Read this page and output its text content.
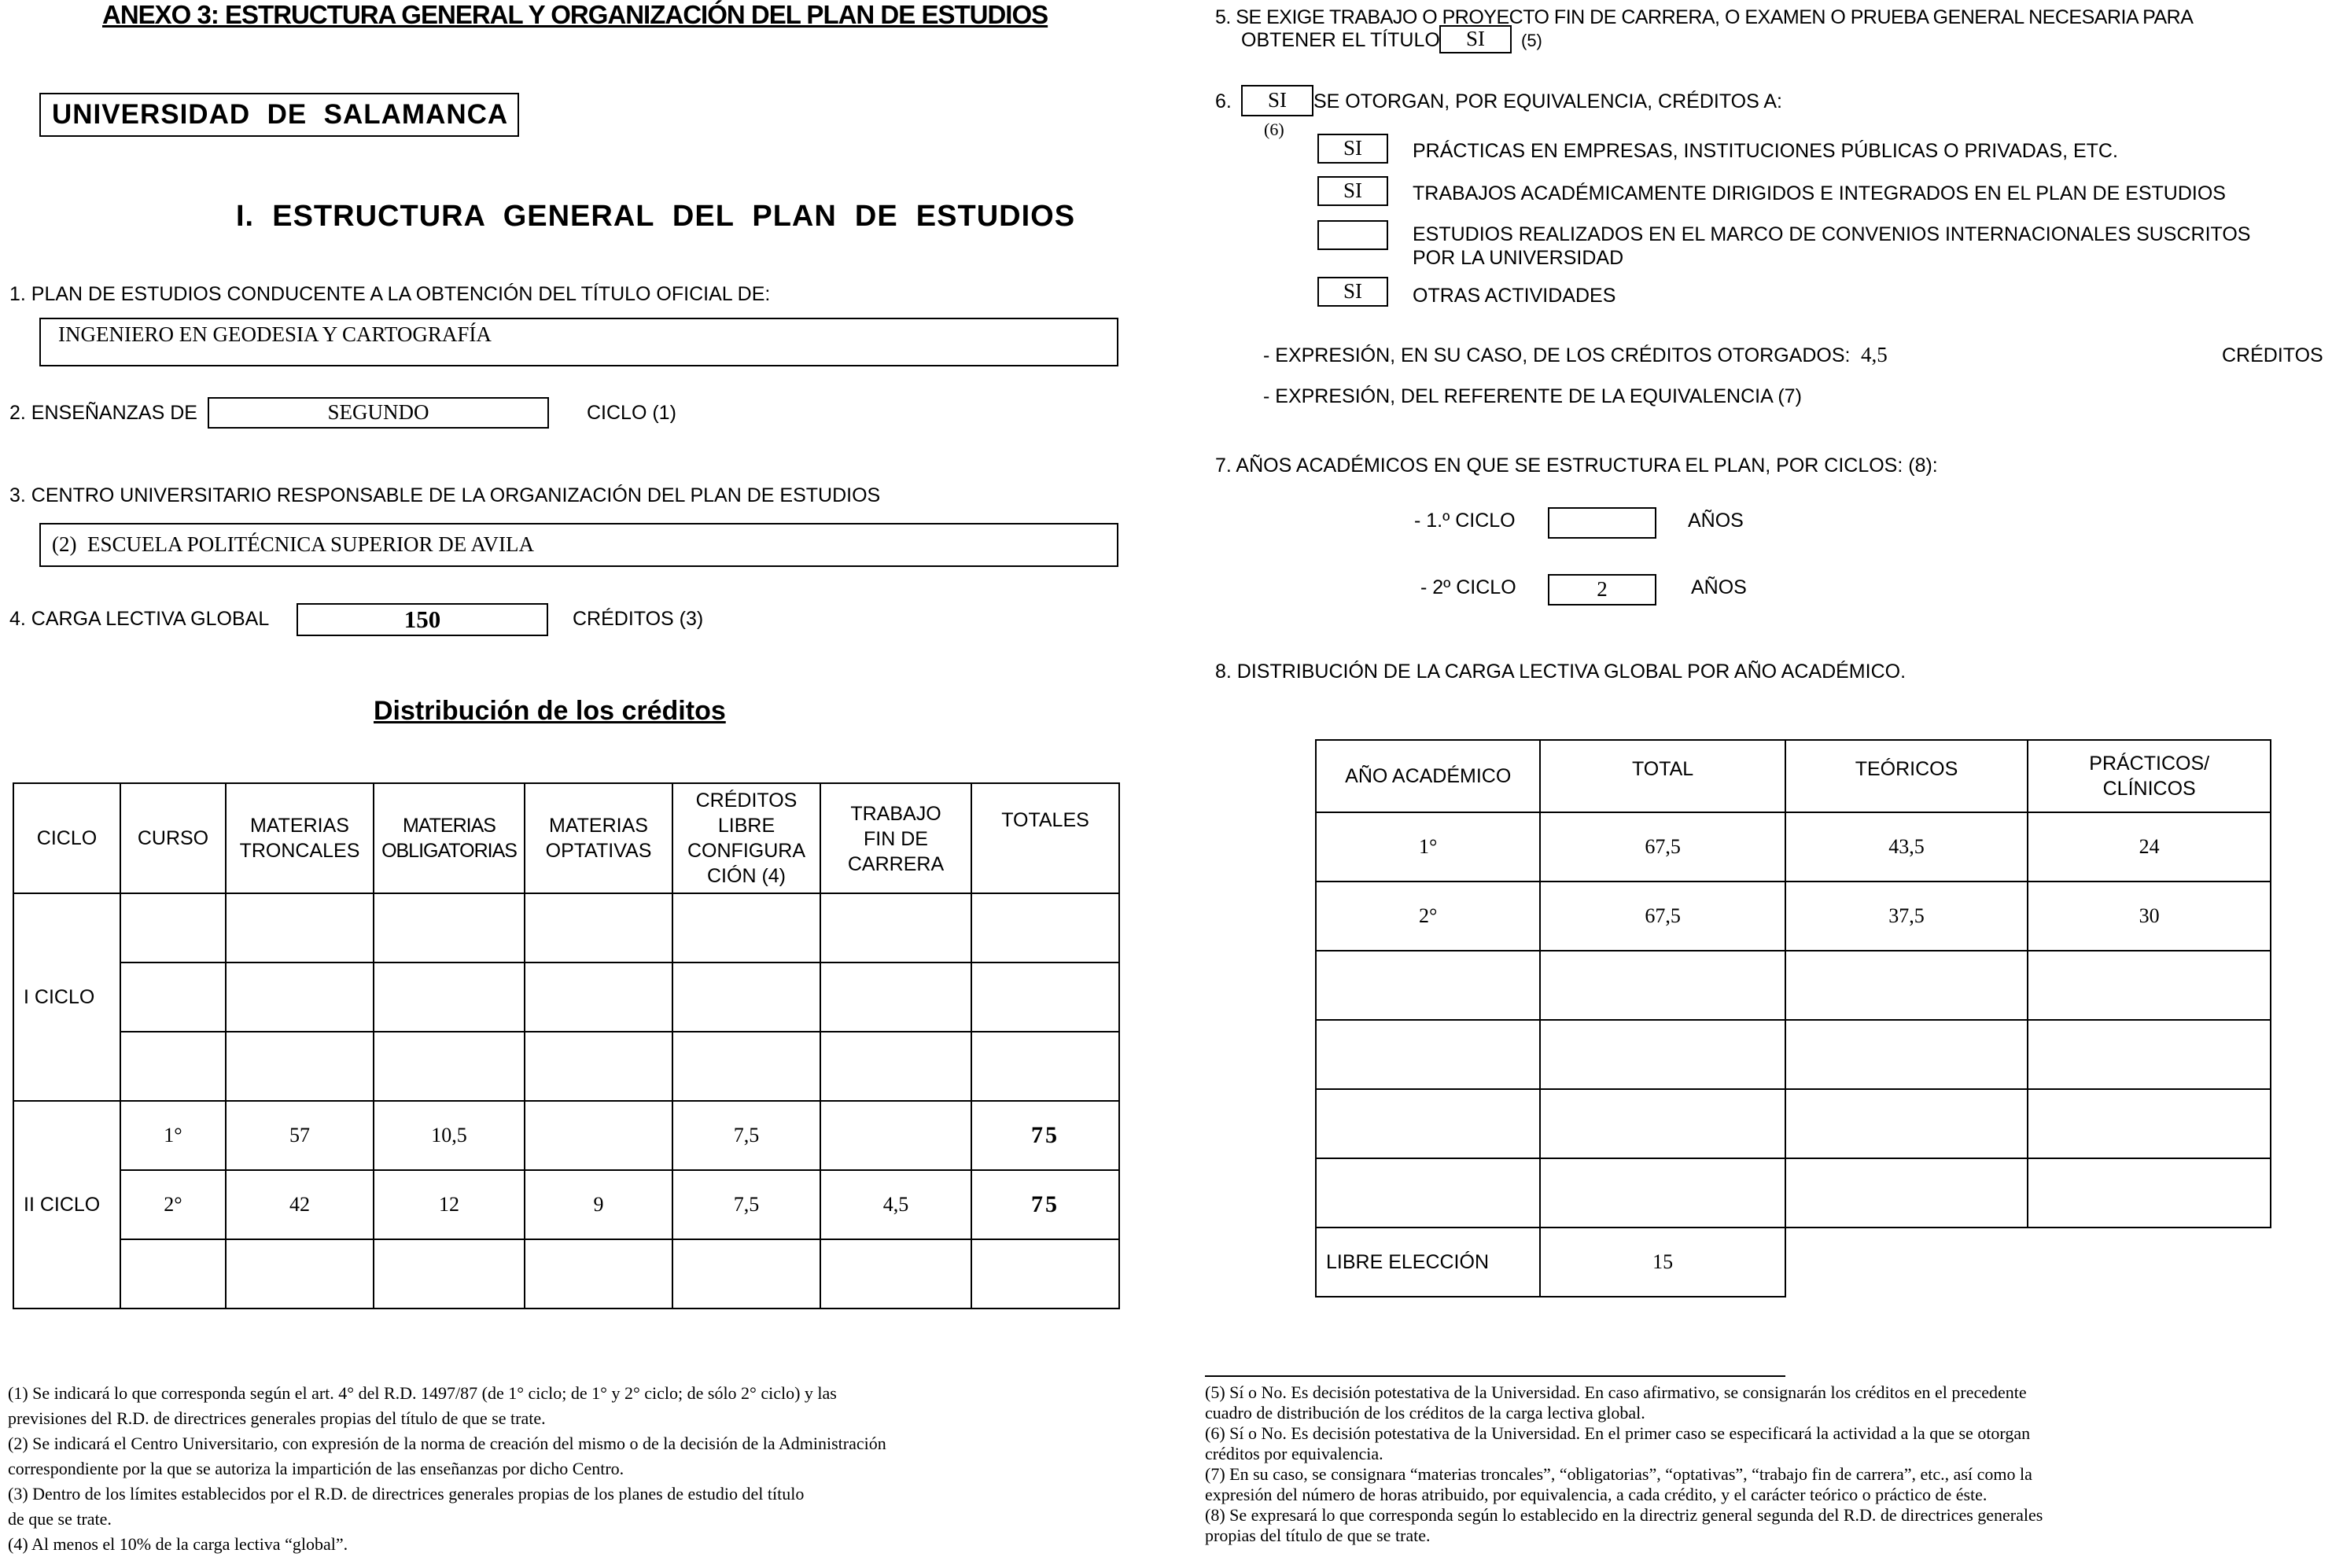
ANEXO 3: ESTRUCTURA GENERAL Y ORGANIZACIÓN DEL PLAN DE ESTUDIOS
UNIVERSIDAD  DE  SALAMANCA
I.  ESTRUCTURA  GENERAL  DEL  PLAN  DE  ESTUDIOS
1. PLAN DE ESTUDIOS CONDUCENTE A LA OBTENCIÓN DEL TÍTULO OFICIAL DE:
INGENIERO EN GEODESIA Y CARTOGRAFÍA
2. ENSEÑANZAS DE	SEGUNDO	CICLO (1)
3. CENTRO UNIVERSITARIO RESPONSABLE DE LA ORGANIZACIÓN DEL PLAN DE ESTUDIOS
(2)  ESCUELA POLITÉCNICA SUPERIOR DE AVILA
4. CARGA LECTIVA GLOBAL	150	CRÉDITOS (3)
Distribución de los créditos
CICLO	CURSO	MATERIAS TRONCALES	MATERIAS OBLIGATORIAS	MATERIAS OPTATIVAS	CRÉDITOS LIBRE CONFIGURA CIÓN (4)	TRABAJO FIN DE CARRERA	TOTALES
I CICLO							

II CICLO	1°	57	10,5		7,5		75
	2°	42	12	9	7,5	4,5	75

(1) Se indicará lo que corresponda según el art. 4° del R.D. 1497/87 (de 1° ciclo; de 1° y 2° ciclo; de sólo 2° ciclo) y las

previsiones del R.D. de directrices generales propias del título de que se trate.

(2) Se indicará el Centro Universitario, con expresión de la norma de creación del mismo o de la decisión de la Administración

correspondiente por la que se autoriza la impartición de las enseñanzas por dicho Centro.

(3) Dentro de los límites establecidos por el R.D. de directrices generales propias de los planes de estudio del título

de que se trate.

(4) Al menos el 10% de la carga lectiva “global”.

5. SE EXIGE TRABAJO O PROYECTO FIN DE CARRERA, O EXAMEN O PRUEBA GENERAL NECESARIA PARA
OBTENER EL TÍTULO	SI	(5)
6.	SI	SE OTORGAN, POR EQUIVALENCIA, CRÉDITOS A:
(6)
SI	PRÁCTICAS EN EMPRESAS, INSTITUCIONES PÚBLICAS O PRIVADAS, ETC.
SI	TRABAJOS ACADÉMICAMENTE DIRIGIDOS E INTEGRADOS EN EL PLAN DE ESTUDIOS
ESTUDIOS REALIZADOS EN EL MARCO DE CONVENIOS INTERNACIONALES SUSCRITOS
POR LA UNIVERSIDAD
SI	OTRAS ACTIVIDADES
- EXPRESIÓN, EN SU CASO, DE LOS CRÉDITOS OTORGADOS: 4,5	CRÉDITOS
- EXPRESIÓN, DEL REFERENTE DE LA EQUIVALENCIA (7)
7. AÑOS ACADÉMICOS EN QUE SE ESTRUCTURA EL PLAN, POR CICLOS: (8):
- 1.º CICLO	AÑOS
- 2º CICLO	2	AÑOS
8. DISTRIBUCIÓN DE LA CARGA LECTIVA GLOBAL POR AÑO ACADÉMICO.
AÑO ACADÉMICO	TOTAL	TEÓRICOS	PRÁCTICOS/ CLÍNICOS
1°	67,5	43,5	24
2°	67,5	37,5	30

LIBRE ELECCIÓN	15		

(5) Sí o No. Es decisión potestativa de la Universidad. En caso afirmativo, se consignarán los créditos en el precedente

cuadro de distribución de los créditos de la carga lectiva global.

(6) Sí o No. Es decisión potestativa de la Universidad. En el primer caso se especificará la actividad a la que se otorgan

créditos por equivalencia.

(7) En su caso, se consignara “materias troncales”, “obligatorias”, “optativas”, “trabajo fin de carrera”, etc., así como la

expresión del número de horas atribuido, por equivalencia, a cada crédito, y el carácter teórico o práctico de éste.

(8) Se expresará lo que corresponda según lo establecido en la directriz general segunda del R.D. de directrices generales

propias del título de que se trate.
